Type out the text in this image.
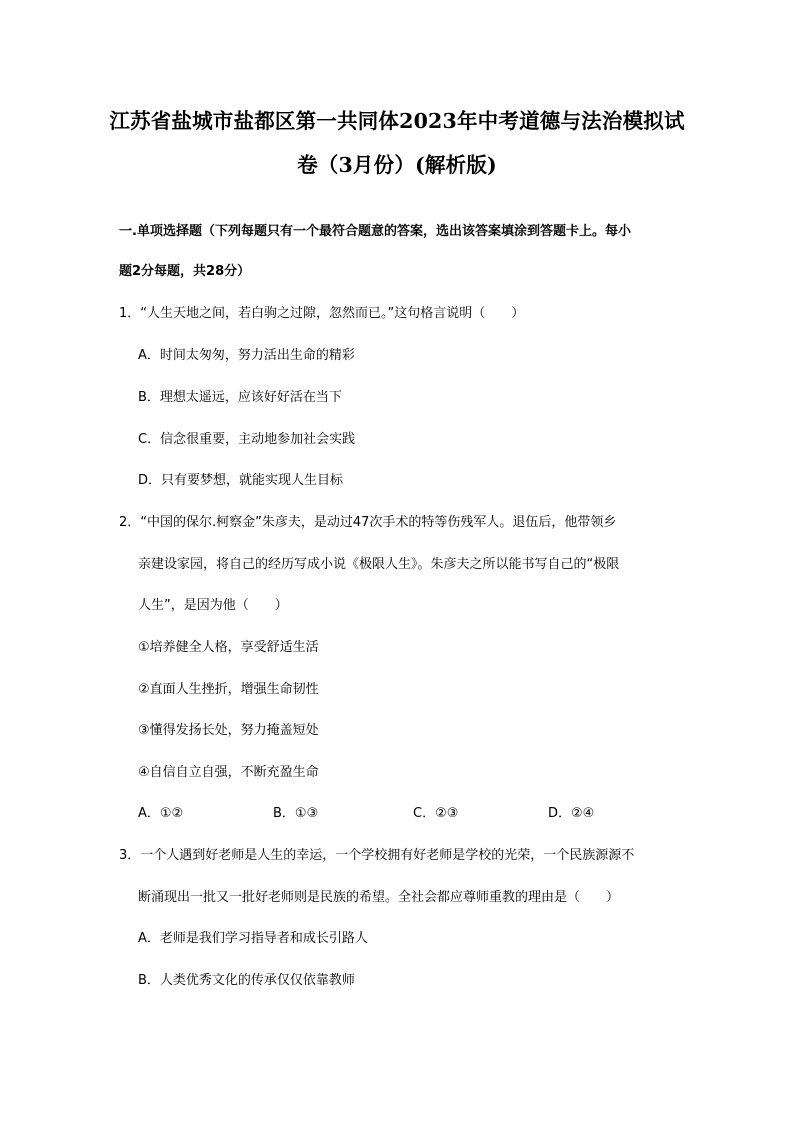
江苏省盐城市盐都区第一共同体2023年中考道德与法治模拟试
卷（3月份）(解析版)
一.单项选择题（下列每题只有一个最符合题意的答案，选出该答案填涂到答题卡上。每小
题2分每题，共28分）
1．“人生天地之间，若白驹之过隙，忽然而已。”这句格言说明（　　）
A．时间太匆匆，努力活出生命的精彩
B．理想太遥远，应该好好活在当下
C．信念很重要，主动地参加社会实践
D．只有要梦想，就能实现人生目标
2．“中国的保尔.柯察金”朱彦夫，是动过47次手术的特等伤残军人。退伍后，他带领乡
亲建设家园，将自己的经历写成小说《极限人生》。朱彦夫之所以能书写自己的“极限
人生”，是因为他（　　）
①培养健全人格，享受舒适生活
②直面人生挫折，增强生命韧性
③懂得发扬长处，努力掩盖短处
④自信自立自强，不断充盈生命
A．①②	B．①③	C．②③	D．②④
3．一个人遇到好老师是人生的幸运，一个学校拥有好老师是学校的光荣，一个民族源源不
断涌现出一批又一批好老师则是民族的希望。全社会都应尊师重教的理由是（　　）
A．老师是我们学习指导者和成长引路人
B．人类优秀文化的传承仅仅依靠教师
